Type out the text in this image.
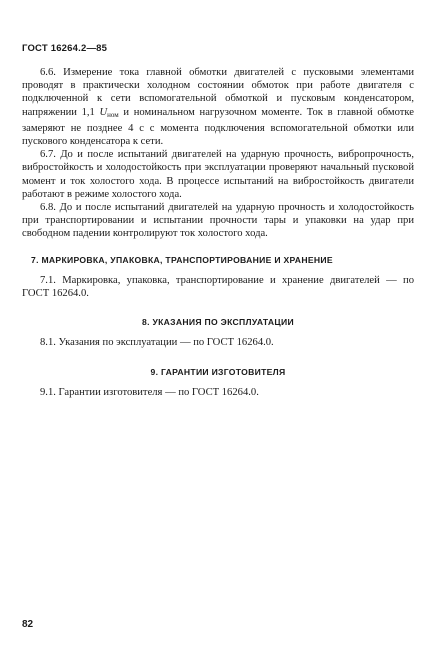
ГОСТ 16264.2—85

6.6. Измерение тока главной обмотки двигателей с пусковыми элементами проводят в практически холодном состоянии обмоток при работе двигателя с подключенной к сети вспомогательной обмоткой и пусковым конденсатором, напряжении 1,1 $U_{ном}$ и номинальном нагрузочном моменте. Ток в главной обмотке замеряют не позднее 4 с с момента подключения вспомогательной обмотки или пускового конденсатора к сети.

6.7. До и после испытаний двигателей на ударную прочность, вибропрочность, вибростойкость и холодостойкость при эксплуатации проверяют начальный пусковой момент и ток холостого хода. В процессе испытаний на вибростойкость двигатели работают в режиме холостого хода.

6.8. До и после испытаний двигателей на ударную прочность и холодостойкость при транспортировании и испытании прочности тары и упаковки на удар при свободном падении контролируют ток холостого хода.

7. МАРКИРОВКА, УПАКОВКА, ТРАНСПОРТИРОВАНИЕ И ХРАНЕНИЕ

7.1. Маркировка, упаковка, транспортирование и хранение двигателей — по ГОСТ 16264.0.

8. УКАЗАНИЯ ПО ЭКСПЛУАТАЦИИ

8.1. Указания по эксплуатации — по ГОСТ 16264.0.

9. ГАРАНТИИ ИЗГОТОВИТЕЛЯ

9.1. Гарантии изготовителя — по ГОСТ 16264.0.

82
